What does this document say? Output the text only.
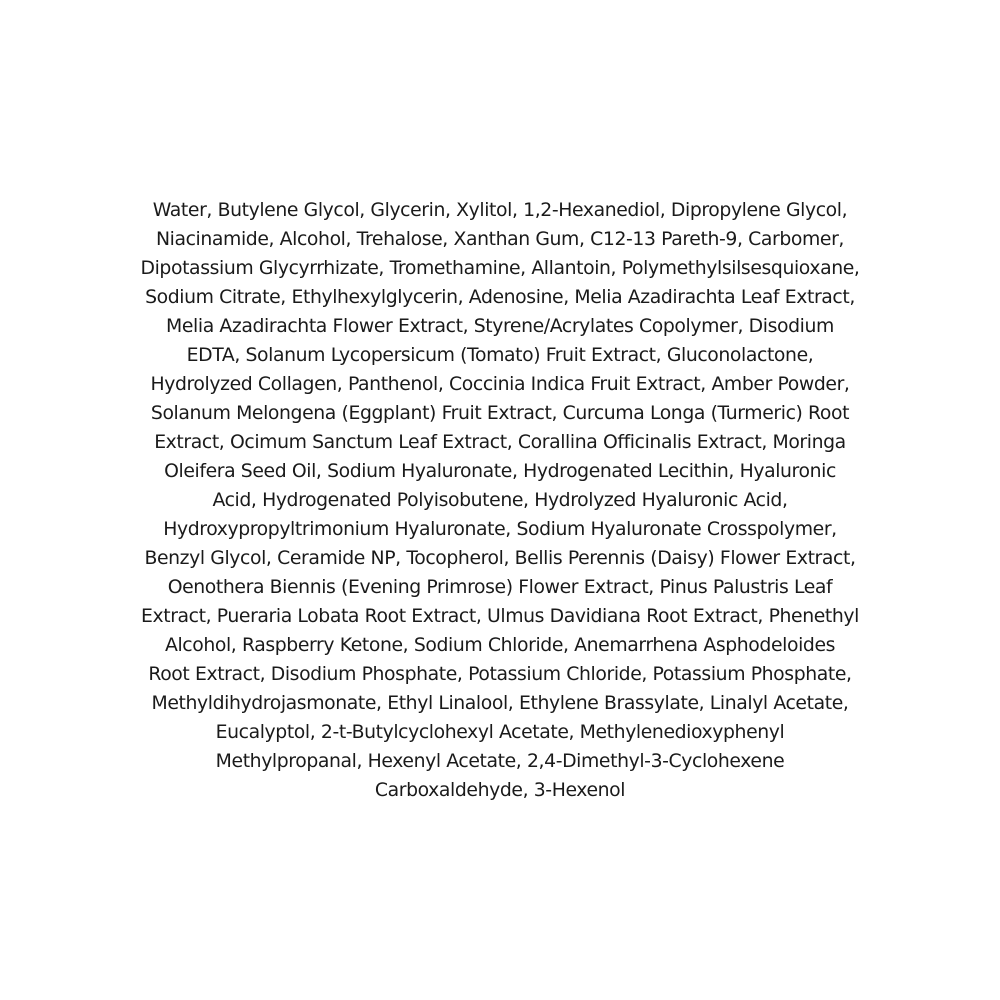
Water, Butylene Glycol, Glycerin, Xylitol, 1,2-Hexanediol, Dipropylene Glycol,
Niacinamide, Alcohol, Trehalose, Xanthan Gum, C12-13 Pareth-9, Carbomer,
Dipotassium Glycyrrhizate, Tromethamine, Allantoin, Polymethylsilsesquioxane,
Sodium Citrate, Ethylhexylglycerin, Adenosine, Melia Azadirachta Leaf Extract,
Melia Azadirachta Flower Extract, Styrene/Acrylates Copolymer, Disodium
EDTA, Solanum Lycopersicum (Tomato) Fruit Extract, Gluconolactone,
Hydrolyzed Collagen, Panthenol, Coccinia Indica Fruit Extract, Amber Powder,
Solanum Melongena (Eggplant) Fruit Extract, Curcuma Longa (Turmeric) Root
Extract, Ocimum Sanctum Leaf Extract, Corallina Officinalis Extract, Moringa
Oleifera Seed Oil, Sodium Hyaluronate, Hydrogenated Lecithin, Hyaluronic
Acid, Hydrogenated Polyisobutene, Hydrolyzed Hyaluronic Acid,
Hydroxypropyltrimonium Hyaluronate, Sodium Hyaluronate Crosspolymer,
Benzyl Glycol, Ceramide NP, Tocopherol, Bellis Perennis (Daisy) Flower Extract,
Oenothera Biennis (Evening Primrose) Flower Extract, Pinus Palustris Leaf
Extract, Pueraria Lobata Root Extract, Ulmus Davidiana Root Extract, Phenethyl
Alcohol, Raspberry Ketone, Sodium Chloride, Anemarrhena Asphodeloides
Root Extract, Disodium Phosphate, Potassium Chloride, Potassium Phosphate,
Methyldihydrojasmonate, Ethyl Linalool, Ethylene Brassylate, Linalyl Acetate,
Eucalyptol, 2-t-Butylcyclohexyl Acetate, Methylenedioxyphenyl
Methylpropanal, Hexenyl Acetate, 2,4-Dimethyl-3-Cyclohexene
Carboxaldehyde, 3-Hexenol
